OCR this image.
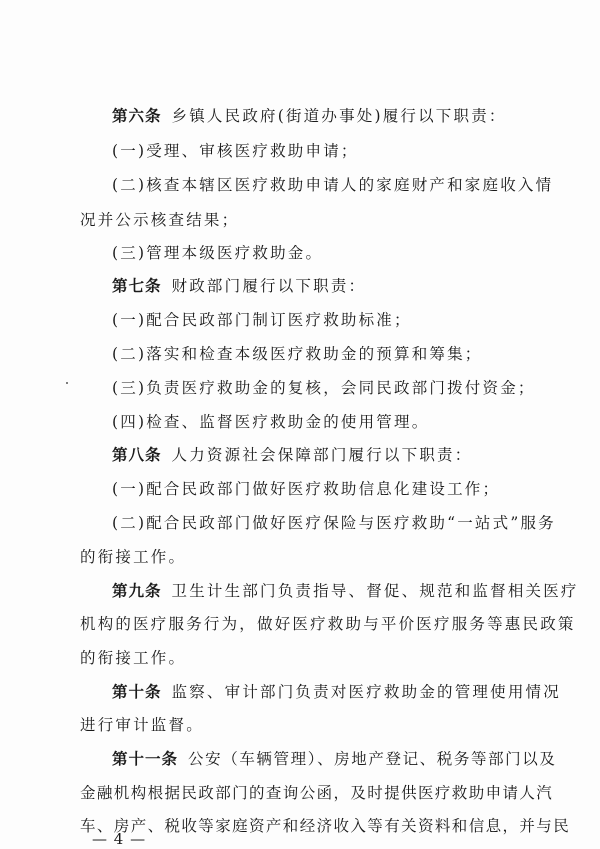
第六条 乡镇人民政府(街道办事处)履行以下职责：
(一)受理、审核医疗救助申请；
(二)核查本辖区医疗救助申请人的家庭财产和家庭收入情
况并公示核查结果；
(三)管理本级医疗救助金。
第七条 财政部门履行以下职责：
(一)配合民政部门制订医疗救助标准；
(二)落实和检查本级医疗救助金的预算和筹集；
(三)负责医疗救助金的复核，会同民政部门拨付资金；
(四)检查、监督医疗救助金的使用管理。
第八条 人力资源社会保障部门履行以下职责：
(一)配合民政部门做好医疗救助信息化建设工作；
(二)配合民政部门做好医疗保险与医疗救助“一站式”服务
的衔接工作。
第九条 卫生计生部门负责指导、督促、规范和监督相关医疗
机构的医疗服务行为，做好医疗救助与平价医疗服务等惠民政策
的衔接工作。
第十条 监察、审计部门负责对医疗救助金的管理使用情况
进行审计监督。
第十一条 公安（车辆管理）、房地产登记、税务等部门以及
金融机构根据民政部门的查询公函，及时提供医疗救助申请人汽
车、房产、税收等家庭资产和经济收入等有关资料和信息，并与民
— 4 —
